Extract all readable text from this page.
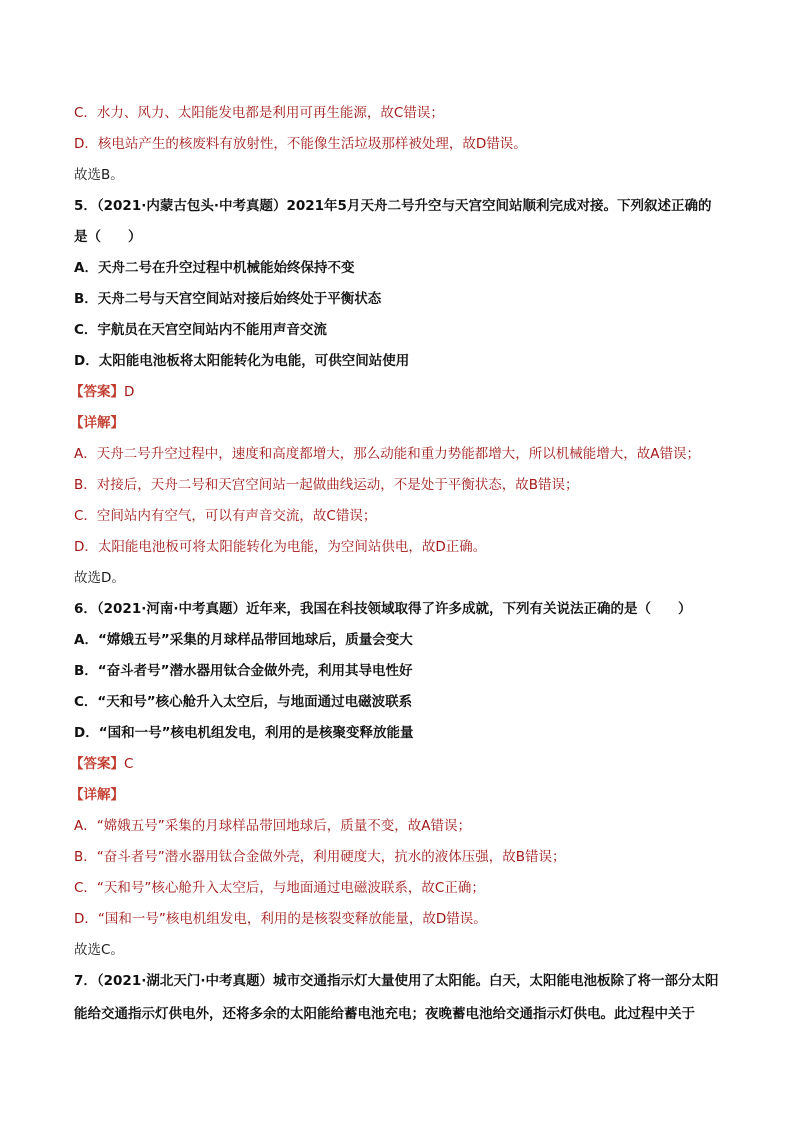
C．水力、风力、太阳能发电都是利用可再生能源，故C错误；
D．核电站产生的核废料有放射性，不能像生活垃圾那样被处理，故D错误。
故选B。
5．（2021·内蒙古包头·中考真题）2021年5月天舟二号升空与天宫空间站顺利完成对接。下列叙述正确的
是（　　）
A．天舟二号在升空过程中机械能始终保持不变
B．天舟二号与天宫空间站对接后始终处于平衡状态
C．宇航员在天宫空间站内不能用声音交流
D．太阳能电池板将太阳能转化为电能，可供空间站使用
【答案】D
【详解】
A．天舟二号升空过程中，速度和高度都增大，那么动能和重力势能都增大，所以机械能增大，故A错误；
B．对接后，天舟二号和天宫空间站一起做曲线运动，不是处于平衡状态，故B错误；
C．空间站内有空气，可以有声音交流，故C错误；
D．太阳能电池板可将太阳能转化为电能，为空间站供电，故D正确。
故选D。
6．（2021·河南·中考真题）近年来，我国在科技领域取得了许多成就，下列有关说法正确的是（　　）
A．“嫦娥五号”采集的月球样品带回地球后，质量会变大
B．“奋斗者号”潜水器用钛合金做外壳，利用其导电性好
C．“天和号”核心舱升入太空后，与地面通过电磁波联系
D．“国和一号”核电机组发电，利用的是核聚变释放能量
【答案】C
【详解】
A．“嫦娥五号”采集的月球样品带回地球后，质量不变，故A错误；
B．“奋斗者号”潜水器用钛合金做外壳，利用硬度大，抗水的液体压强，故B错误；
C．“天和号”核心舱升入太空后，与地面通过电磁波联系，故C正确；
D．“国和一号”核电机组发电，利用的是核裂变释放能量，故D错误。
故选C。
7．（2021·湖北天门·中考真题）城市交通指示灯大量使用了太阳能。白天，太阳能电池板除了将一部分太阳
能给交通指示灯供电外，还将多余的太阳能给蓄电池充电；夜晚蓄电池给交通指示灯供电。此过程中关于
